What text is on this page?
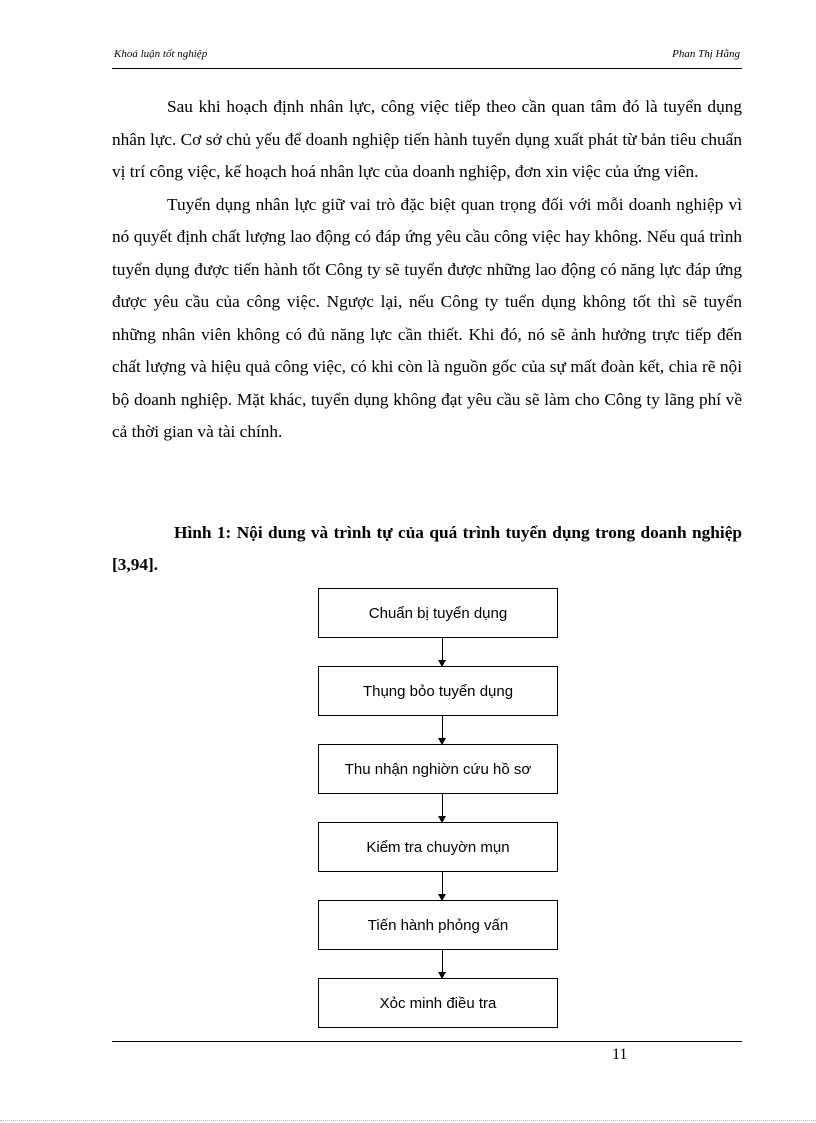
Khoá luận tốt nghiệp	Phan Thị Hằng

Sau khi hoạch định nhân lực, công việc tiếp theo cần quan tâm đó là tuyển dụng nhân lực. Cơ sở chủ yếu để doanh nghiệp tiến hành tuyển dụng xuất phát từ bản tiêu chuẩn vị trí công việc, kế hoạch hoá nhân lực của doanh nghiệp, đơn xin việc của ứng viên.

Tuyển dụng nhân lực giữ vai trò đặc biệt quan trọng đối với mỗi doanh nghiệp vì nó quyết định chất lượng lao động có đáp ứng yêu cầu công việc hay không. Nếu quá trình tuyển dụng được tiến hành tốt Công ty sẽ tuyển được những lao động có năng lực đáp ứng được yêu cầu của công việc. Ngược lại, nếu Công ty tuển dụng không tốt thì sẽ tuyển những nhân viên không có đủ năng lực cần thiết. Khi đó, nó sẽ ảnh hưởng trực tiếp đến chất lượng và hiệu quả công việc, có khi còn là nguồn gốc của sự mất đoàn kết, chia rẽ nội bộ doanh nghiệp. Mặt khác, tuyển dụng không đạt yêu cầu sẽ làm cho Công ty lãng phí về cả thời gian và tài chính.

Hình 1: Nội dung và trình tự của quá trình tuyển dụng trong doanh nghiệp [3,94].
Chuẩn bị tuyển dụng
Thụng bỏo tuyển dụng
Thu nhận nghiờn cứu hồ sơ
Kiểm tra chuyờn mụn
Tiến hành phỏng vấn
Xỏc minh điều tra
11
